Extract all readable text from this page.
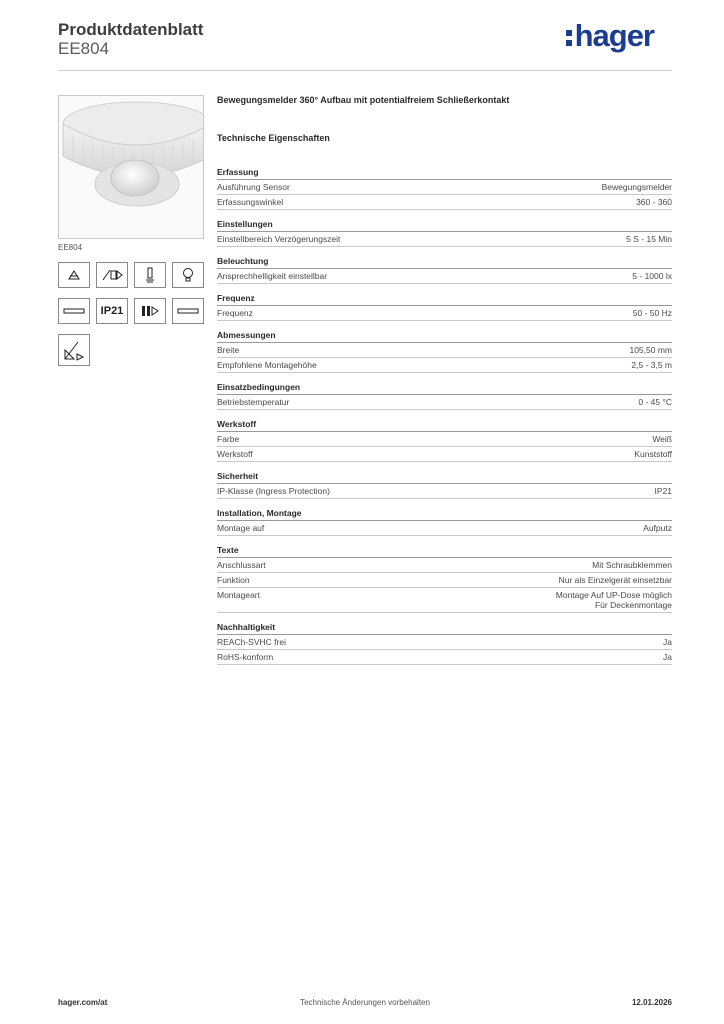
Produktdatenblatt
EE804	hager
EE804
IP21
Bewegungsmelder 360° Aufbau mit potentialfreiem Schließerkontakt
Technische Eigenschaften
Erfassung
Ausführung Sensor	Bewegungsmelder
Erfassungswinkel	360 - 360
Einstellungen
Einstellbereich Verzögerungszeit	5 S - 15 Min
Beleuchtung
Ansprechhelligkeit einstellbar	5 - 1000 lx
Frequenz
Frequenz	50 - 50 Hz
Abmessungen
Breite	105,50 mm
Empfohlene Montagehöhe	2,5 - 3,5 m
Einsatzbedingungen
Betriebstemperatur	0 - 45 °C
Werkstoff
Farbe	Weiß
Werkstoff	Kunststoff
Sicherheit
IP-Klasse (Ingress Protection)	IP21
Installation, Montage
Montage auf	Aufputz
Texte
Anschlussart	Mit Schraubklemmen
Funktion	Nur als Einzelgerät einsetzbar
Montageart	Montage Auf UP-Dose möglich
Für Deckenmontage
Nachhaltigkeit
REACh-SVHC frei	Ja
RoHS-konform	Ja
hager.com/at	Technische Änderungen vorbehalten	12.01.2026
